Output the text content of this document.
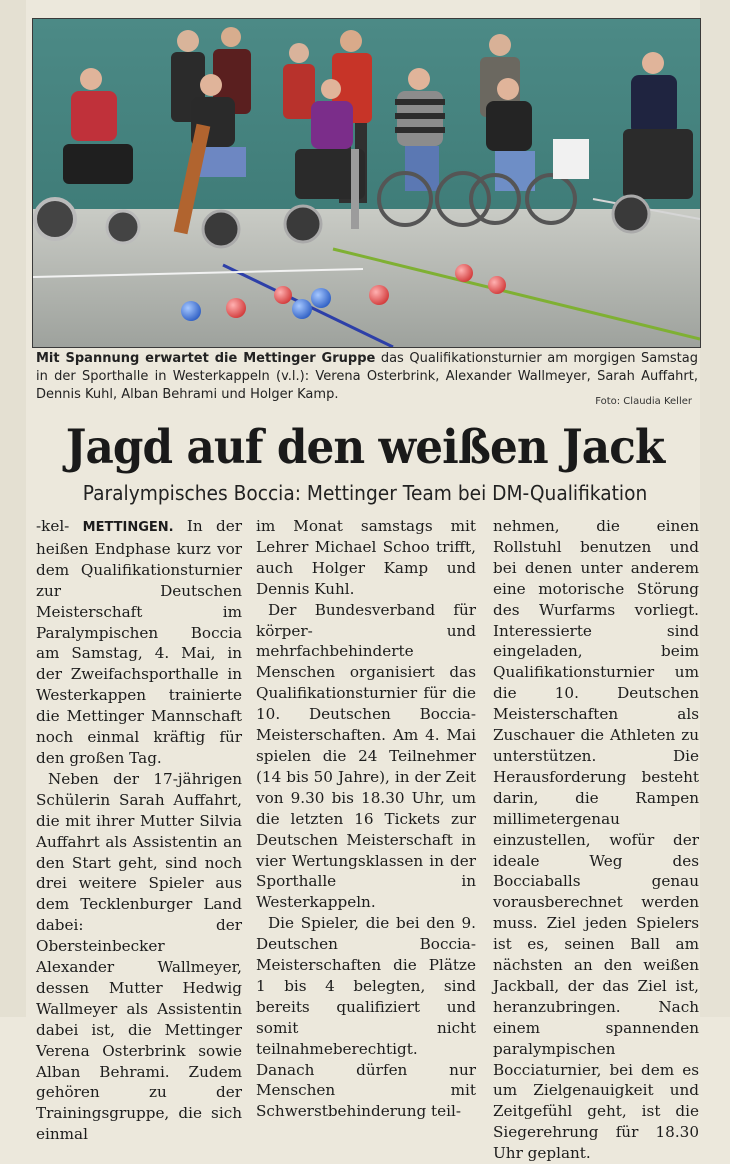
Mit Spannung erwartet die Mettinger Gruppe das Qualifikationsturnier am morgigen Samstag in der Sporthalle in Westerkappeln (v.l.): Verena Osterbrink, Alexander Wallmeyer, Sarah Auffahrt, Dennis Kuhl, Alban Behrami und Holger Kamp.	Foto: Claudia Keller
Jagd auf den weißen Jack
Paralympisches Boccia: Mettinger Team bei DM-Qualifikation

-kel- METTINGEN. In der heißen Endphase kurz vor dem Qualifikationsturnier zur Deutschen Meisterschaft im Paralympischen Boccia am Samstag, 4. Mai, in der Zweifachsporthalle in Westerkappen trainierte die Mettinger Mannschaft noch einmal kräftig für den großen Tag.

Neben der 17-jährigen Schülerin Sarah Auffahrt, die mit ihrer Mutter Silvia Auffahrt als Assistentin an den Start geht, sind noch drei weitere Spieler aus dem Tecklenburger Land dabei: der Obersteinbecker Alexander Wallmeyer, dessen Mutter Hedwig Wallmeyer als Assistentin dabei ist, die Mettinger Verena Osterbrink sowie Alban Behrami. Zudem gehören zu der Trainingsgruppe, die sich einmal

im Monat samstags mit Lehrer Michael Schoo trifft, auch Holger Kamp und Dennis Kuhl.

Der Bundesverband für körper- und mehrfachbehinderte Menschen organisiert das Qualifikationsturnier für die 10. Deutschen Boccia-Meisterschaften. Am 4. Mai spielen die 24 Teilnehmer (14 bis 50 Jahre), in der Zeit von 9.30 bis 18.30 Uhr, um die letzten 16 Tickets zur Deutschen Meisterschaft in vier Wertungsklassen in der Sporthalle in Westerkappeln.

Die Spieler, die bei den 9. Deutschen Boccia-Meisterschaften die Plätze 1 bis 4 belegten, sind bereits qualifiziert und somit nicht teilnahmeberechtigt. Danach dürfen nur Menschen mit Schwerstbehinderung teil-

nehmen, die einen Rollstuhl benutzen und bei denen unter anderem eine motorische Störung des Wurfarms vorliegt. Interessierte sind eingeladen, beim Qualifikationsturnier um die 10. Deutschen Meisterschaften als Zuschauer die Athleten zu unterstützen. Die Herausforderung besteht darin, die Rampen millimetergenau einzustellen, wofür der ideale Weg des Bocciaballs genau vorausberechnet werden muss. Ziel jeden Spielers ist es, seinen Ball am nächsten an den weißen Jackball, der das Ziel ist, heranzubringen. Nach einem spannenden paralympischen Bocciaturnier, bei dem es um Zielgenauigkeit und Zeitgefühl geht, ist die Siegerehrung für 18.30 Uhr geplant.
